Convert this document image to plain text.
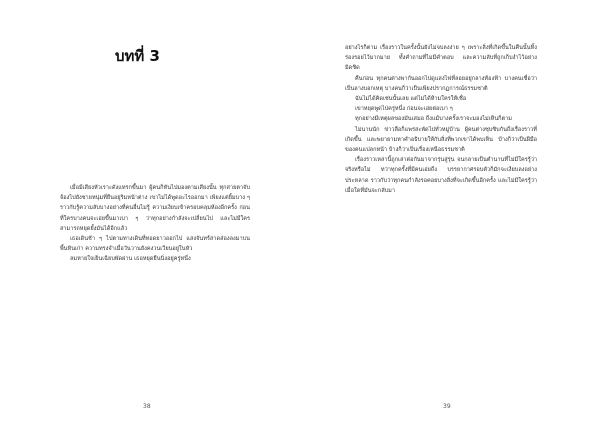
บทที่ 3

เมื่อมีเสียงหัวเราะดังแทรกขึ้นมา ผู้คนก็หันไปมองตามเสียงนั้น ทุกสายตาจับจ้องไปยังชายหนุ่มที่ยืนอยู่ริมหน้าต่าง เขาไม่ได้พูดอะไรออกมา เพียงแต่ยิ้มบาง ๆ ราวกับรู้ความลับบางอย่างที่คนอื่นไม่รู้ ความเงียบเข้าครอบคลุมห้องอีกครั้ง ก่อนที่ใครบางคนจะเอ่ยขึ้นมาเบา ๆ ว่าทุกอย่างกำลังจะเปลี่ยนไป และไม่มีใครสามารถหยุดยั้งมันได้อีกแล้ว

เธอเดินช้า ๆ ไปตามทางเดินที่ทอดยาวออกไป แสงจันทร์สาดส่องลงมาบนพื้นหินเก่า ความทรงจำเมื่อวันวานยังคงวนเวียนอยู่ในหัว

ลมหายใจเย็นเฉียบพัดผ่าน เธอหยุดยืนนิ่งอยู่ครู่หนึ่ง

38

อย่างไรก็ตาม เรื่องราวในครั้งนั้นยังไม่จบลงง่าย ๆ เพราะสิ่งที่เกิดขึ้นในคืนนั้นทิ้งร่องรอยไว้มากมาย ทั้งคำถามที่ไม่มีคำตอบ และความลับที่ถูกเก็บงำไว้อย่างมิดชิด

คืนก่อน ทุกคนต่างพากันออกไปดูแสงไฟที่ลอยอยู่กลางท้องฟ้า บางคนเชื่อว่าเป็นลางบอกเหตุ บางคนก็ว่าเป็นเพียงปรากฏการณ์ธรรมชาติ

ฉันไม่ได้คิดเช่นนั้นเลย แต่ไม่ได้ห้ามใครให้เชื่อ

เขาหยุดพูดไปครู่หนึ่ง ก่อนจะเอ่ยต่อเบา ๆ

ทุกอย่างมีเหตุผลของมันเสมอ ถึงแม้บางครั้งเราจะมองไม่เห็นก็ตาม

ไม่นานนัก ข่าวลือก็แพร่สะพัดไปทั่วหมู่บ้าน ผู้คนต่างซุบซิบกันถึงเรื่องราวที่เกิดขึ้น และพยายามหาคำอธิบายให้กับสิ่งที่พวกเขาได้พบเห็น บ้างก็ว่าเป็นฝีมือของคนแปลกหน้า บ้างก็ว่าเป็นเรื่องเหนือธรรมชาติ

เรื่องราวเหล่านี้ถูกเล่าต่อกันมาจากรุ่นสู่รุ่น จนกลายเป็นตำนานที่ไม่มีใครรู้ว่าจริงหรือไม่ ทว่าทุกครั้งที่มีคนเอ่ยถึง บรรยากาศรอบตัวก็มักจะเงียบลงอย่างประหลาด ราวกับว่าทุกคนกำลังรอคอยบางสิ่งที่จะเกิดขึ้นอีกครั้ง และไม่มีใครรู้ว่าเมื่อใดที่มันจะกลับมา

39
